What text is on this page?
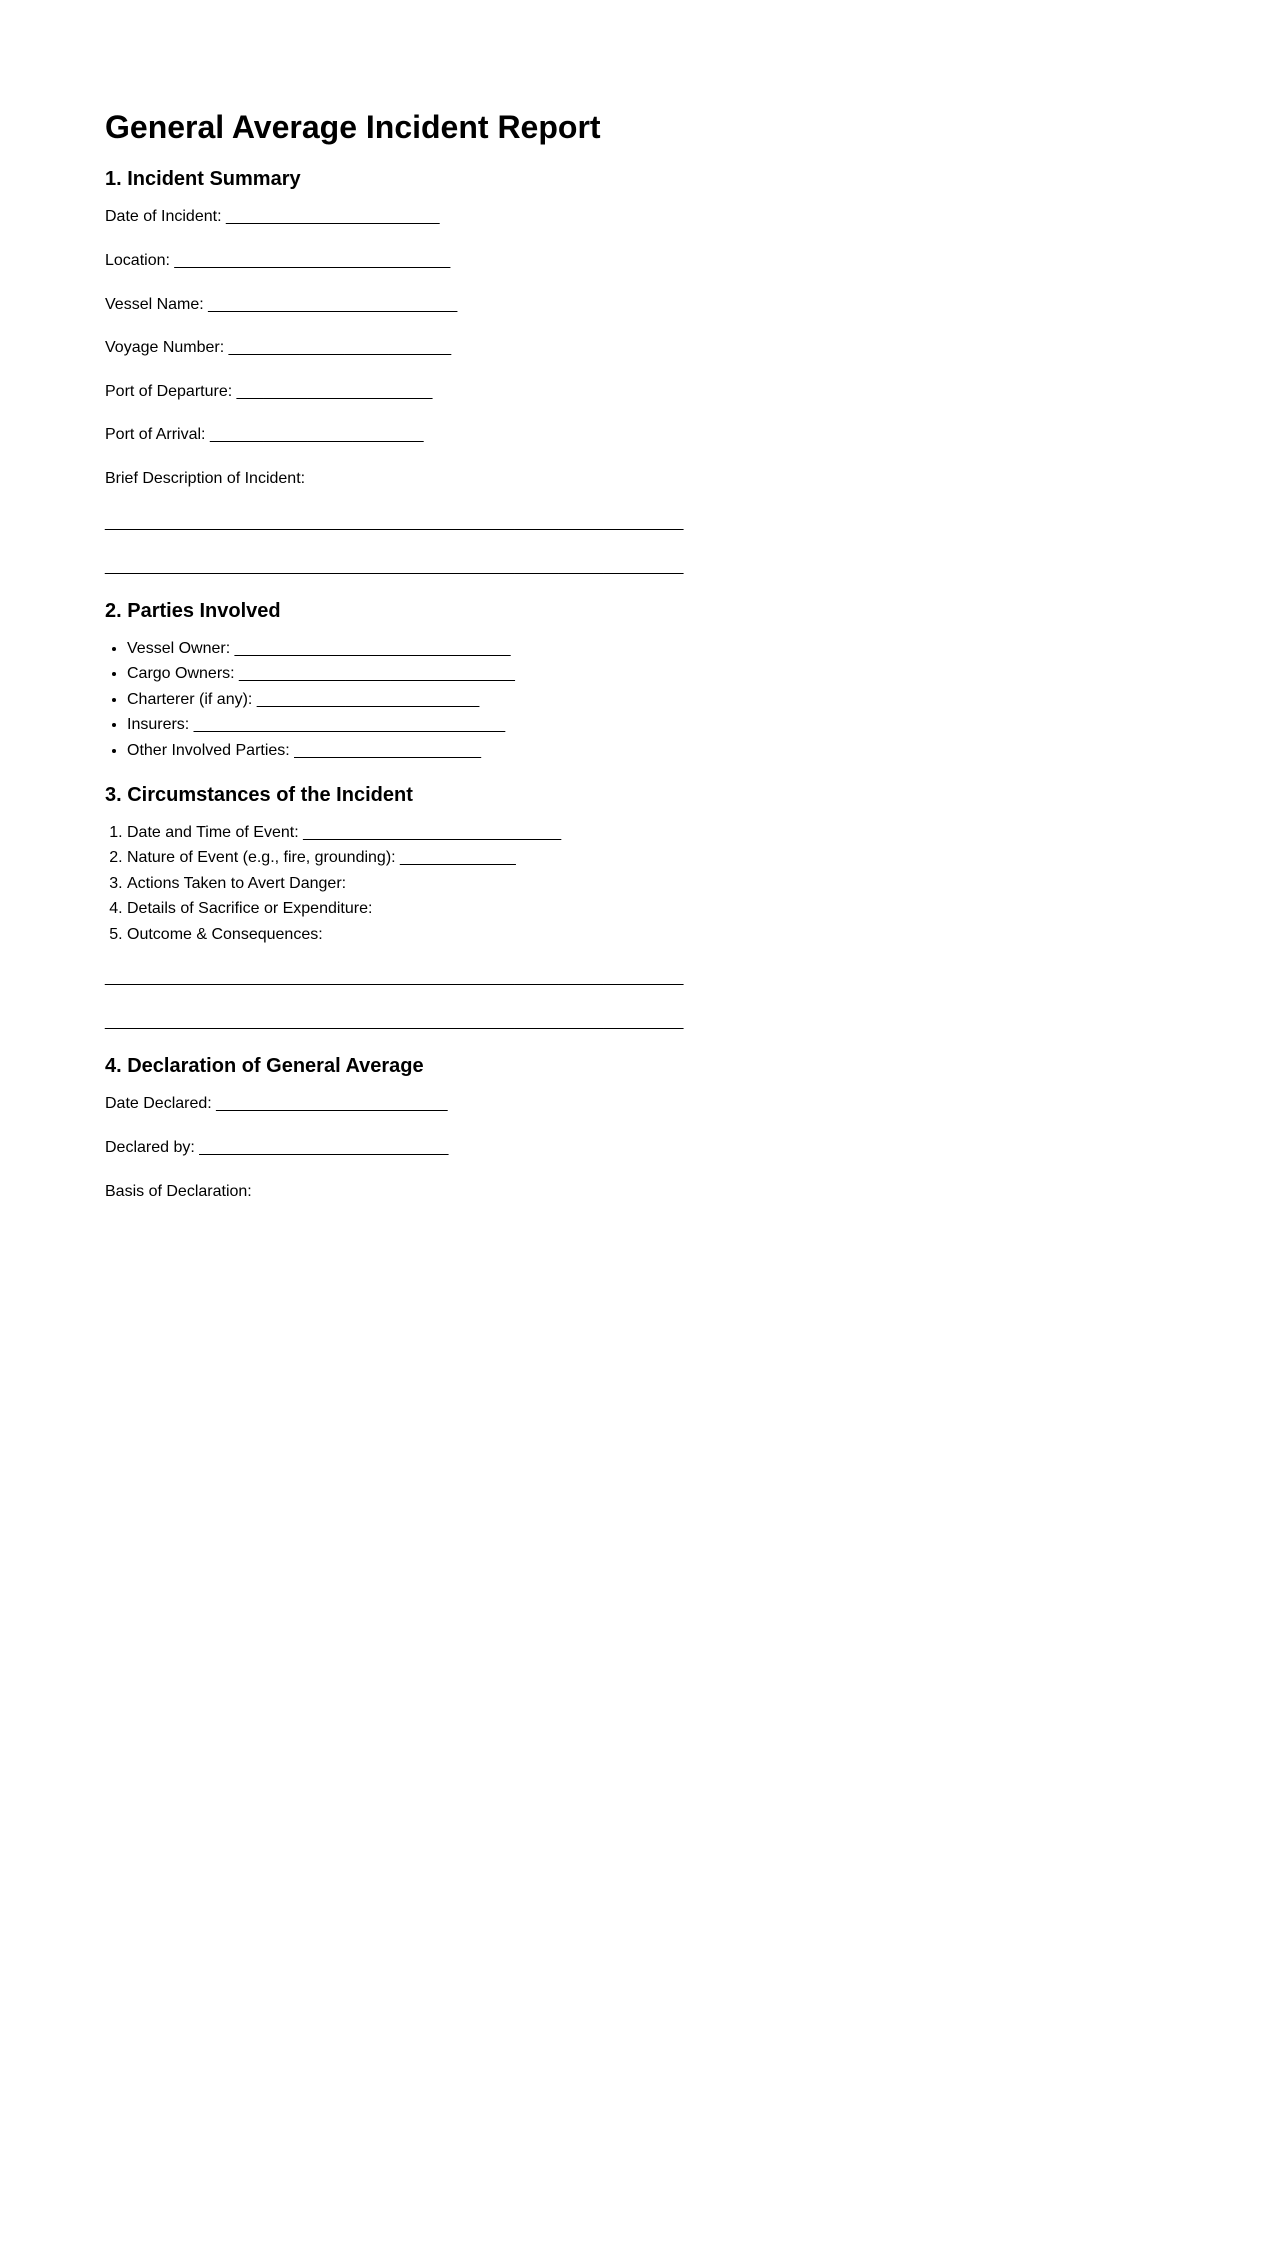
General Average Incident Report
1. Incident Summary

Date of Incident: ________________________

Location: _______________________________

Vessel Name: ____________________________

Voyage Number: _________________________

Port of Departure: ______________________

Port of Arrival: ________________________

Brief Description of Incident:

_________________________________________________________________
_________________________________________________________________
2. Parties Involved
• Vessel Owner: _______________________________
• Cargo Owners: _______________________________
• Charterer (if any): _________________________
• Insurers: ___________________________________
• Other Involved Parties: _____________________
3. Circumstances of the Incident
1. Date and Time of Event: _____________________________
2. Nature of Event (e.g., fire, grounding): _____________
3. Actions Taken to Avert Danger:
4. Details of Sacrifice or Expenditure:
5. Outcome & Consequences:
_________________________________________________________________
_________________________________________________________________
4. Declaration of General Average

Date Declared: __________________________

Declared by: ____________________________

Basis of Declaration:
